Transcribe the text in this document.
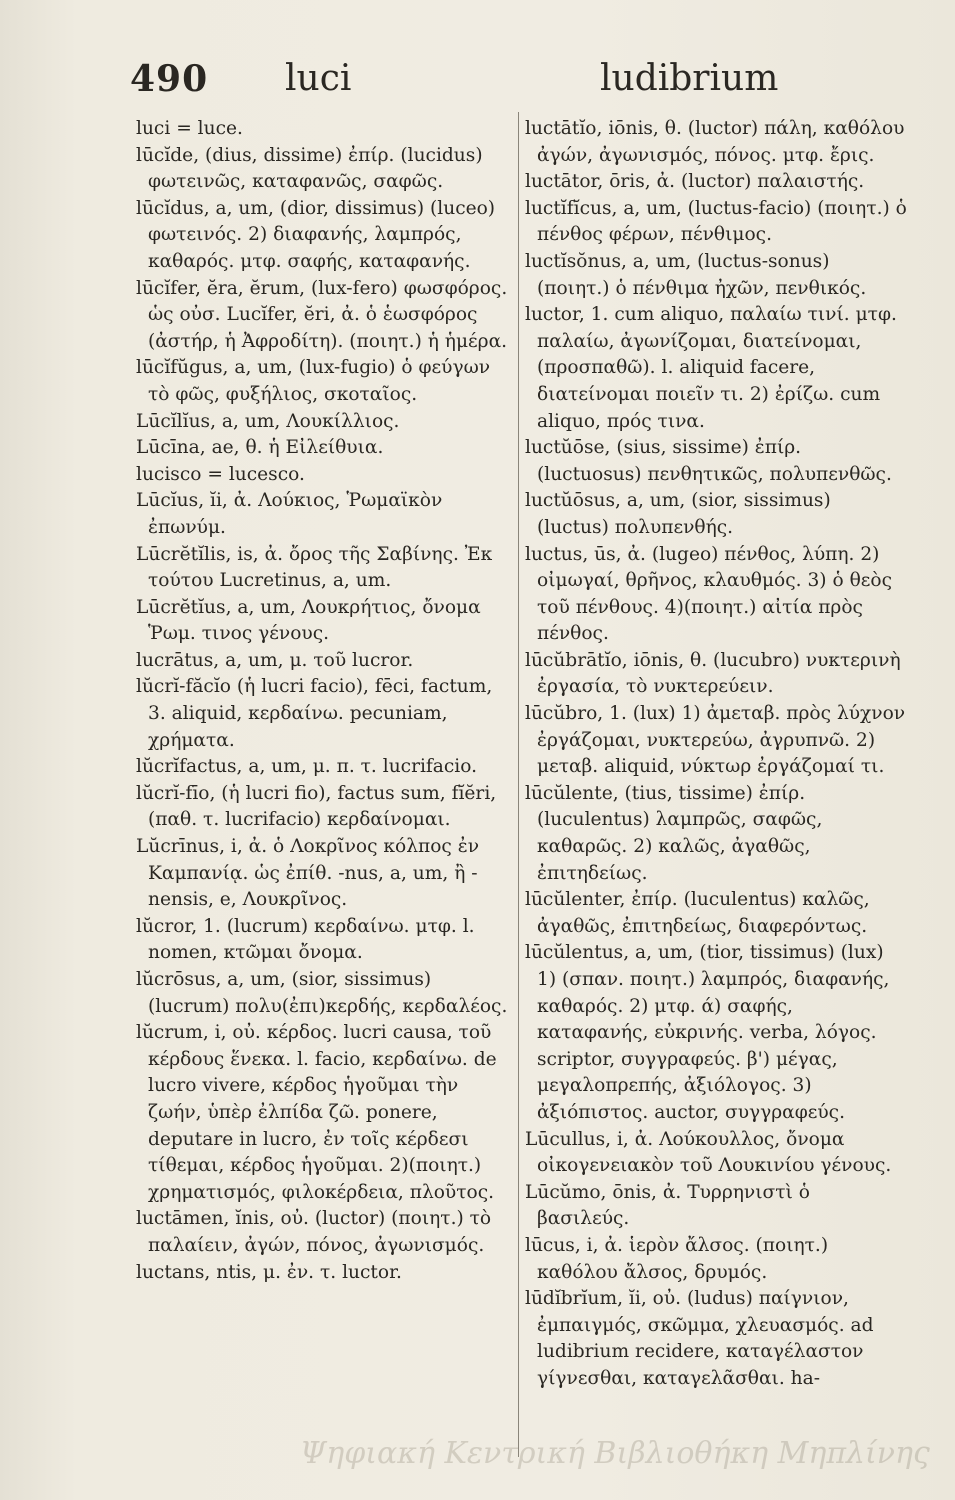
490 luci	ludibrium

luci = luce.

lūcĭde, (dius, dissime) ἐπίρ. (lucidus) φωτεινῶς, καταφανῶς, σαφῶς.

lūcĭdus, a, um, (dior, dissimus) (luceo) φωτεινός. 2) διαφανής, λαμπρός, καθαρός. μτφ. σαφής, καταφανής.

lūcĭfer, ĕra, ĕrum, (lux-fero) φωσφόρος. ὡς οὐσ. Lucĭfer, ĕri, ἀ. ὁ ἑωσφόρος (ἀστήρ, ἡ Ἀφροδίτη). (ποιητ.) ἡ ἡμέρα.

lūcĭfŭgus, a, um, (lux-fugio) ὁ φεύγων τὸ φῶς, φυξήλιος, σκοταῖος.

Lūcĭlĭus, a, um, Λουκίλλιος.

Lūcīna, ae, θ. ἡ Εἰλείθυια.

lucisco = lucesco.

Lūcĭus, ĭi, ἀ. Λούκιος, Ῥωμαϊκὸν ἐπωνύμ.

Lūcrĕtĭlis, is, ἀ. ὄρος τῆς Σαβίνης. Ἐκ τούτου Lucretinus, a, um.

Lūcrĕtĭus, a, um, Λουκρήτιος, ὄνομα Ῥωμ. τινος γένους.

lucrātus, a, um, μ. τοῦ lucror.

lŭcrĭ-făcĭo (ἡ lucri facio), fēci, factum, 3. aliquid, κερδαίνω. pecuniam, χρήματα.

lŭcrĭfactus, a, um, μ. π. τ. lucrifacio.

lŭcrĭ-fīo, (ἡ lucri fio), factus sum, fĭĕri, (παθ. τ. lucrifacio) κερδαίνομαι.

Lŭcrīnus, i, ἀ. ὁ Λοκρῖνος κόλπος ἐν Καμπανίᾳ. ὡς ἐπίθ. -nus, a, um, ἢ -nensis, e, Λουκρῖνος.

lŭcror, 1. (lucrum) κερδαίνω. μτφ. l. nomen, κτῶμαι ὄνομα.

lŭcrōsus, a, um, (sior, sissimus) (lucrum) πολυ(ἐπι)κερδής, κερδαλέος.

lŭcrum, i, οὐ. κέρδος. lucri causa, τοῦ κέρδους ἕνεκα. l. facio, κερδαίνω. de lucro vivere, κέρδος ἡγοῦμαι τὴν ζωήν, ὑπὲρ ἐλπίδα ζῶ. ponere, deputare in lucro, ἐν τοῖς κέρδεσι τίθεμαι, κέρδος ἡγοῦμαι. 2)(ποιητ.) χρηματισμός, φιλοκέρδεια, πλοῦτος.

luctāmen, ĭnis, οὐ. (luctor) (ποιητ.) τὸ παλαίειν, ἀγών, πόνος, ἀγωνισμός.

luctans, ntis, μ. ἐν. τ. luctor.

luctātĭo, iōnis, θ. (luctor) πάλη, καθόλου ἀγών, ἀγωνισμός, πόνος. μτφ. ἔρις.

luctātor, ōris, ἀ. (luctor) παλαιστής.

luctĭfĭcus, a, um, (luctus-facio) (ποιητ.) ὁ πένθος φέρων, πένθιμος.

luctĭsŏnus, a, um, (luctus-sonus) (ποιητ.) ὁ πένθιμα ἠχῶν, πενθικός.

luctor, 1. cum aliquo, παλαίω τινί. μτφ. παλαίω, ἀγωνίζομαι, διατείνομαι, (προσπαθῶ). l. aliquid facere, διατείνομαι ποιεῖν τι. 2) ἐρίζω. cum aliquo, πρός τινα.

luctŭōse, (sius, sissime) ἐπίρ. (luctuosus) πενθητικῶς, πολυπενθῶς.

luctŭōsus, a, um, (sior, sissimus) (luctus) πολυπενθής.

luctus, ūs, ἀ. (lugeo) πένθος, λύπη. 2) οἰμωγαί, θρῆνος, κλαυθμός. 3) ὁ θεὸς τοῦ πένθους. 4)(ποιητ.) αἰτία πρὸς πένθος.

lūcŭbrātĭo, iōnis, θ. (lucubro) νυκτερινὴ ἐργασία, τὸ νυκτερεύειν.

lūcŭbro, 1. (lux) 1) ἀμεταβ. πρὸς λύχνον ἐργάζομαι, νυκτερεύω, ἀγρυπνῶ. 2) μεταβ. aliquid, νύκτωρ ἐργάζομαί τι.

lūcŭlente, (tius, tissime) ἐπίρ. (luculentus) λαμπρῶς, σαφῶς, καθαρῶς. 2) καλῶς, ἀγαθῶς, ἐπιτηδείως.

lūcŭlenter, ἐπίρ. (luculentus) καλῶς, ἀγαθῶς, ἐπιτηδείως, διαφερόντως.

lūcŭlentus, a, um, (tior, tissimus) (lux) 1) (σπαν. ποιητ.) λαμπρός, διαφανής, καθαρός. 2) μτφ. ά) σαφής, καταφανής, εὐκρινής. verba, λόγος. scriptor, συγγραφεύς. β') μέγας, μεγαλοπρεπής, ἀξιόλογος. 3) ἀξιόπιστος. auctor, συγγραφεύς.

Lūcullus, i, ἀ. Λούκουλλος, ὄνομα οἰκογενειακὸν τοῦ Λουκινίου γένους.

Lūcŭmo, ōnis, ἀ. Τυρρηνιστὶ ὁ βασιλεύς.

lūcus, i, ἀ. ἱερὸν ἄλσος. (ποιητ.) καθόλου ἄλσος, δρυμός.

lūdĭbrĭum, ĭi, οὐ. (ludus) παίγνιον, ἐμπαιγμός, σκῶμμα, χλευασμός. ad ludibrium recidere, καταγέλαστον γίγνεσθαι, καταγελᾶσθαι. ha-

Ψηφιακή Κεντρική Βιβλιοθήκη Μηπλίνης
